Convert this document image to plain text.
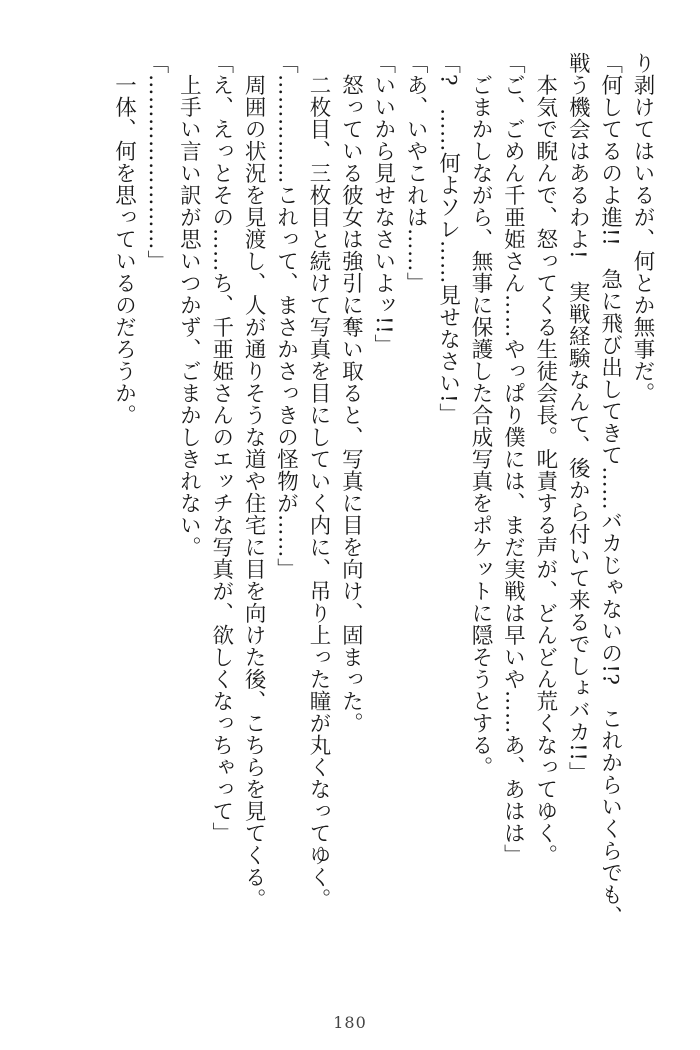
り剥けてはいるが、何とか無事だ。
「何してるのよ進!!　急に飛び出してきて……バカじゃないの!?　これからいくらでも、
戦う機会はあるわよ!　実戦経験なんて、後から付いて来るでしょバカ!!」
　本気で睨んで、怒ってくる生徒会長。叱責する声が、どんどん荒くなってゆく。
「ご、ごめん千亜姫さん……やっぱり僕には、まだ実戦は早いや……あ、あはは」
　ごまかしながら、無事に保護した合成写真をポケットに隠そうとする。
「?　……何よソレ……見せなさい!」
「あ、いやこれは……」
「いいから見せなさいよッ!!」
　怒っている彼女は強引に奪い取ると、写真に目を向け、固まった。
　二枚目、三枚目と続けて写真を目にしていく内に、吊り上った瞳が丸くなってゆく。
「……………これって、まさかさっきの怪物が……」
　周囲の状況を見渡し、人が通りそうな道や住宅に目を向けた後、こちらを見てくる。
「え、えっとその……ち、千亜姫さんのエッチな写真が、欲しくなっちゃって」
　上手い言い訳が思いつかず、ごまかしきれない。
「……………………」
　一体、何を思っているのだろうか。
180
